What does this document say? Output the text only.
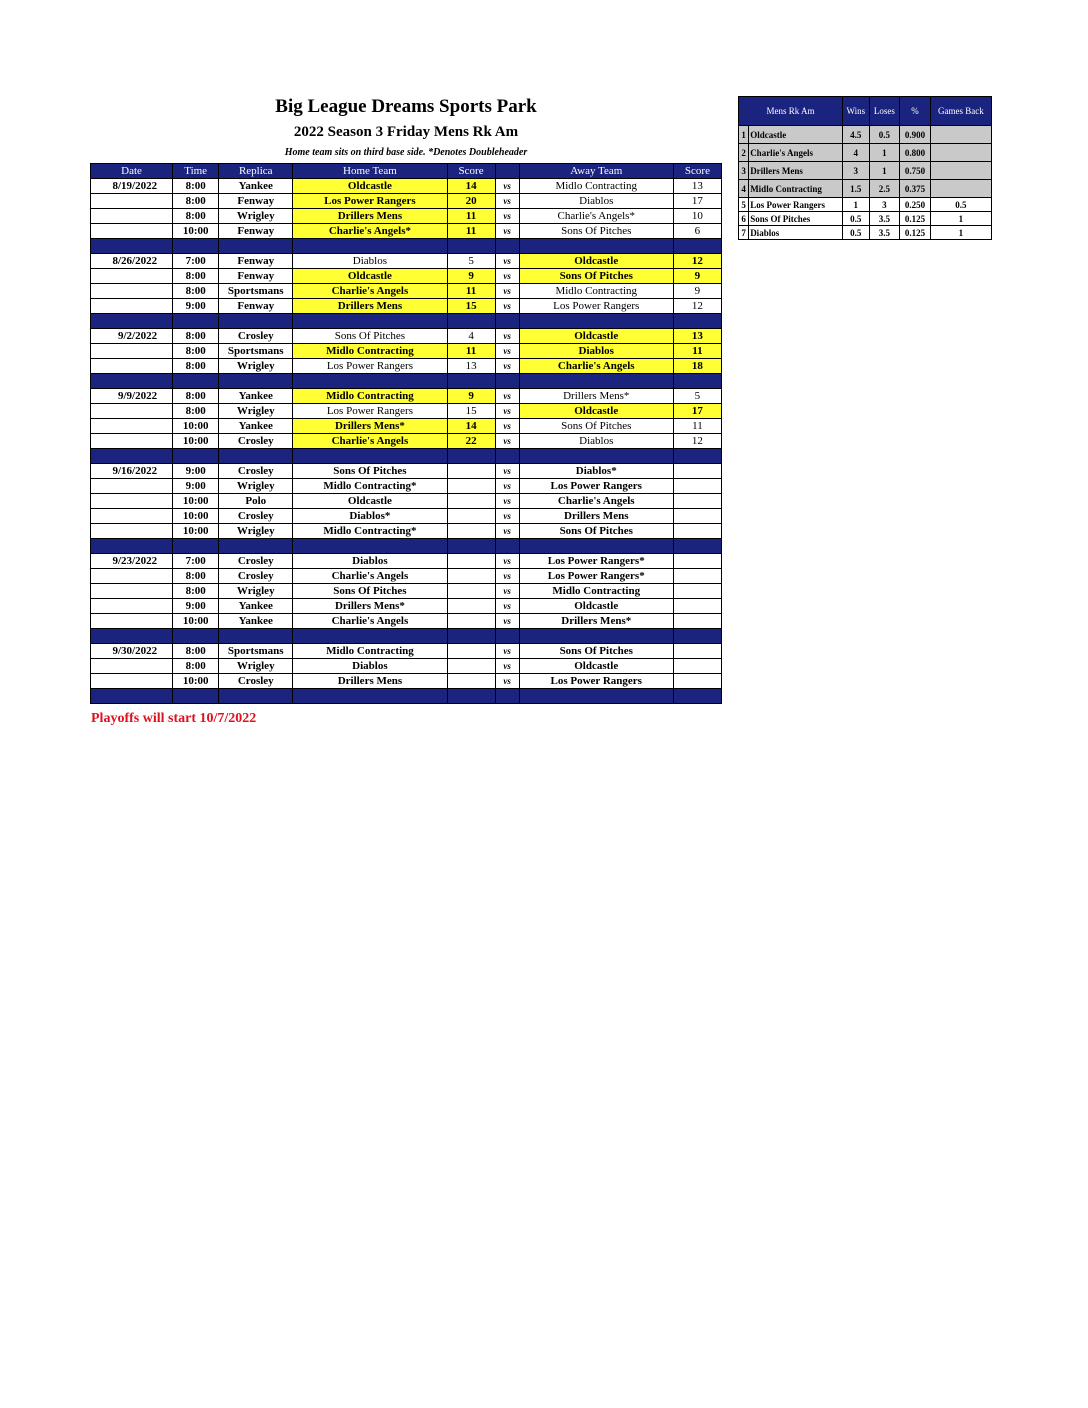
Big League Dreams Sports Park
2022 Season 3 Friday Mens Rk Am
Home team sits on third base side. *Denotes Doubleheader
Date	Time	Replica	Home Team	Score		Away Team	Score
8/19/2022	8:00	Yankee	Oldcastle	14	vs	Midlo Contracting	13
	8:00	Fenway	Los Power Rangers	20	vs	Diablos	17
	8:00	Wrigley	Drillers Mens	11	vs	Charlie's Angels*	10
	10:00	Fenway	Charlie's Angels*	11	vs	Sons Of Pitches	6

8/26/2022	7:00	Fenway	Diablos	5	vs	Oldcastle	12
	8:00	Fenway	Oldcastle	9	vs	Sons Of Pitches	9
	8:00	Sportsmans	Charlie's Angels	11	vs	Midlo Contracting	9
	9:00	Fenway	Drillers Mens	15	vs	Los Power Rangers	12

9/2/2022	8:00	Crosley	Sons Of Pitches	4	vs	Oldcastle	13
	8:00	Sportsmans	Midlo Contracting	11	vs	Diablos	11
	8:00	Wrigley	Los Power Rangers	13	vs	Charlie's Angels	18

9/9/2022	8:00	Yankee	Midlo Contracting	9	vs	Drillers Mens*	5
	8:00	Wrigley	Los Power Rangers	15	vs	Oldcastle	17
	10:00	Yankee	Drillers Mens*	14	vs	Sons Of Pitches	11
	10:00	Crosley	Charlie's Angels	22	vs	Diablos	12

9/16/2022	9:00	Crosley	Sons Of Pitches		vs	Diablos*	
	9:00	Wrigley	Midlo Contracting*		vs	Los Power Rangers	
	10:00	Polo	Oldcastle		vs	Charlie's Angels	
	10:00	Crosley	Diablos*		vs	Drillers Mens	
	10:00	Wrigley	Midlo Contracting*		vs	Sons Of Pitches	

9/23/2022	7:00	Crosley	Diablos		vs	Los Power Rangers*	
	8:00	Crosley	Charlie's Angels		vs	Los Power Rangers*	
	8:00	Wrigley	Sons Of Pitches		vs	Midlo Contracting	
	9:00	Yankee	Drillers Mens*		vs	Oldcastle	
	10:00	Yankee	Charlie's Angels		vs	Drillers Mens*	

9/30/2022	8:00	Sportsmans	Midlo Contracting		vs	Sons Of Pitches	
	8:00	Wrigley	Diablos		vs	Oldcastle	
	10:00	Crosley	Drillers Mens		vs	Los Power Rangers	

Playoffs will start 10/7/2022
Mens Rk Am		Wins	Loses	%	Games Back
1	Oldcastle	4.5	0.5	0.900	
2	Charlie's Angels	4	1	0.800	
3	Drillers Mens	3	1	0.750	
4	Midlo Contracting	1.5	2.5	0.375	
5	Los Power Rangers	1	3	0.250	0.5
6	Sons Of Pitches	0.5	3.5	0.125	1
7	Diablos	0.5	3.5	0.125	1
